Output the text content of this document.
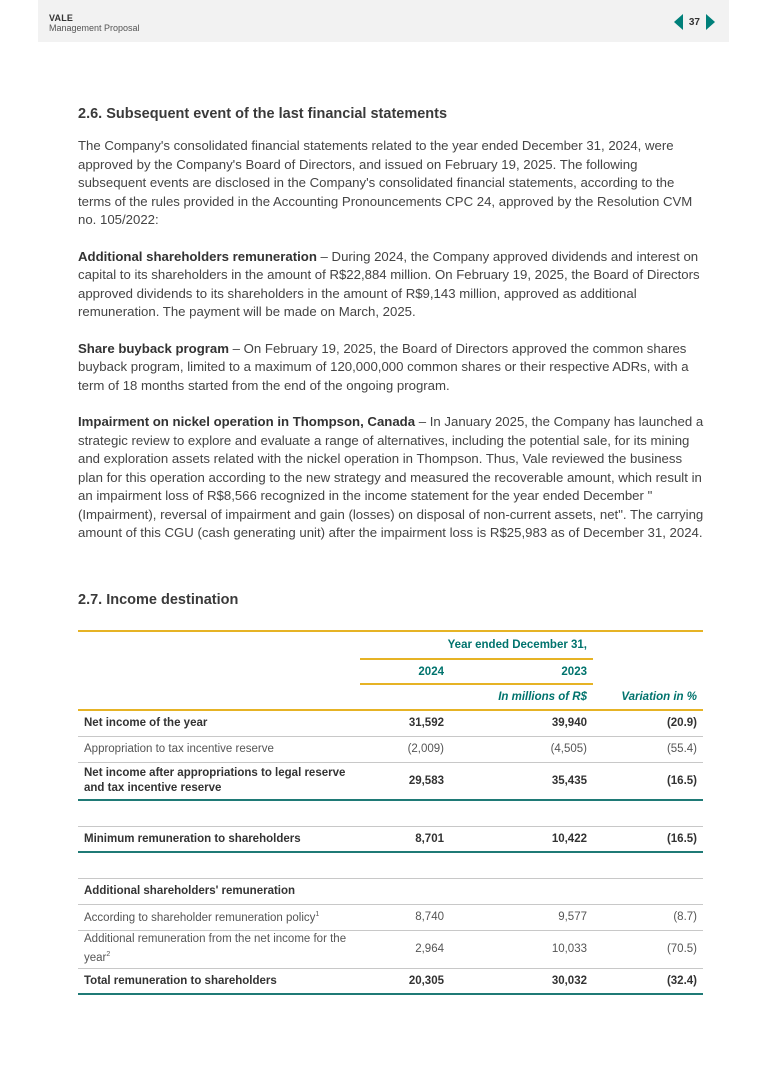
VALE
Management Proposal
37
2.6. Subsequent event of the last financial statements

The Company's consolidated financial statements related to the year ended December 31, 2024, were approved by the Company's Board of Directors, and issued on February 19, 2025. The following subsequent events are disclosed in the Company's consolidated financial statements, according to the terms of the rules provided in the Accounting Pronouncements CPC 24, approved by the Resolution CVM no. 105/2022:

Additional shareholders remuneration – During 2024, the Company approved dividends and interest on capital to its shareholders in the amount of R$22,884 million. On February 19, 2025, the Board of Directors approved dividends to its shareholders in the amount of R$9,143 million, approved as additional remuneration. The payment will be made on March, 2025.

Share buyback program – On February 19, 2025, the Board of Directors approved the common shares buyback program, limited to a maximum of 120,000,000 common shares or their respective ADRs, with a term of 18 months started from the end of the ongoing program.

Impairment on nickel operation in Thompson, Canada – In January 2025, the Company has launched a strategic review to explore and evaluate a range of alternatives, including the potential sale, for its mining and exploration assets related with the nickel operation in Thompson. Thus, Vale reviewed the business plan for this operation according to the new strategy and measured the recoverable amount, which result in an impairment loss of R$8,566 recognized in the income statement for the year ended December "(Impairment), reversal of impairment and gain (losses) on disposal of non-current assets, net". The carrying amount of this CGU (cash generating unit) after the impairment loss is R$25,983 as of December 31, 2024.

2.7. Income destination
	Year ended December 31,		
	2024	2023	
		In millions of R$	Variation in %
Net income of the year	31,592	39,940	(20.9)
Appropriation to tax incentive reserve	(2,009)	(4,505)	(55.4)
Net income after appropriations to legal reserve and tax incentive reserve	29,583	35,435	(16.5)

Minimum remuneration to shareholders	8,701	10,422	(16.5)

Additional shareholders' remuneration			
According to shareholder remuneration policy$^1$	8,740	9,577	(8.7)
Additional remuneration from the net income for the year$^2$	2,964	10,033	(70.5)
Total remuneration to shareholders	20,305	30,032	(32.4)
